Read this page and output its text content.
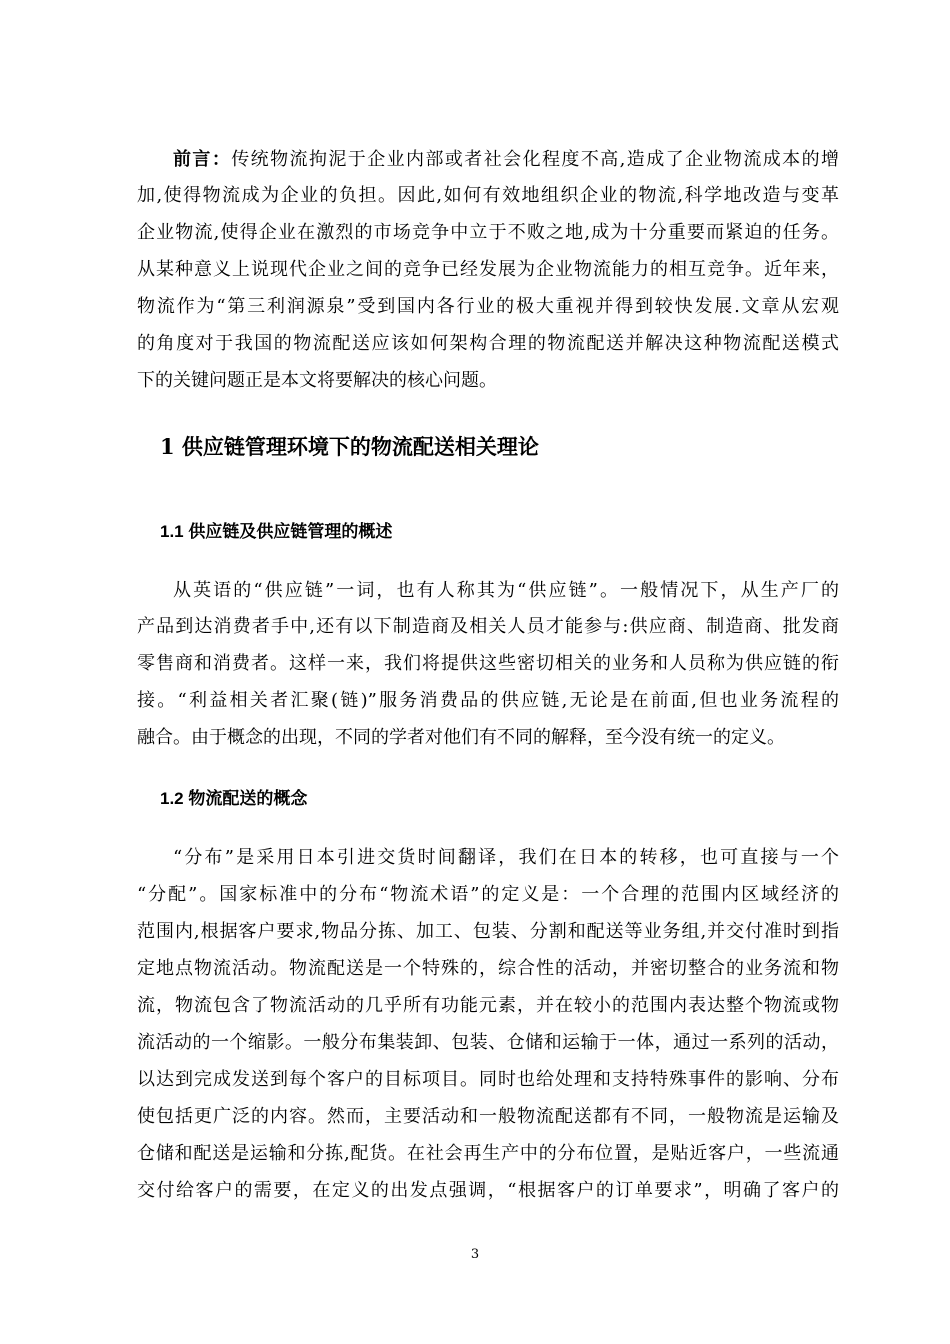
前言：传统物流拘泥于企业内部或者社会化程度不高,造成了企业物流成本的增
加,使得物流成为企业的负担。因此,如何有效地组织企业的物流,科学地改造与变革
企业物流,使得企业在激烈的市场竞争中立于不败之地,成为十分重要而紧迫的任务。
从某种意义上说现代企业之间的竞争已经发展为企业物流能力的相互竞争。近年来，
物流作为“第三利润源泉”受到国内各行业的极大重视并得到较快发展.文章从宏观
的角度对于我国的物流配送应该如何架构合理的物流配送并解决这种物流配送模式
下的关键问题正是本文将要解决的核心问题。
1 供应链管理环境下的物流配送相关理论
1.1 供应链及供应链管理的概述
从英语的“供应链”一词，也有人称其为“供应链”。一般情况下，从生产厂的
产品到达消费者手中,还有以下制造商及相关人员才能参与:供应商、制造商、批发商
零售商和消费者。这样一来，我们将提供这些密切相关的业务和人员称为供应链的衔
接。“利益相关者汇聚(链)”服务消费品的供应链,无论是在前面,但也业务流程的
融合。由于概念的出现，不同的学者对他们有不同的解释，至今没有统一的定义。
1.2 物流配送的概念
“分布”是采用日本引进交货时间翻译，我们在日本的转移，也可直接与一个
“分配”。国家标准中的分布“物流术语”的定义是：一个合理的范围内区域经济的
范围内,根据客户要求,物品分拣、加工、包装、分割和配送等业务组,并交付准时到指
定地点物流活动。物流配送是一个特殊的，综合性的活动，并密切整合的业务流和物
流，物流包含了物流活动的几乎所有功能元素，并在较小的范围内表达整个物流或物
流活动的一个缩影。一般分布集装卸、包装、仓储和运输于一体，通过一系列的活动，
以达到完成发送到每个客户的目标项目。同时也给处理和支持特殊事件的影响、分布
使包括更广泛的内容。然而，主要活动和一般物流配送都有不同，一般物流是运输及
仓储和配送是运输和分拣,配货。在社会再生产中的分布位置，是贴近客户，一些流通
交付给客户的需要，在定义的出发点强调，“根据客户的订单要求”，明确了客户的
3
